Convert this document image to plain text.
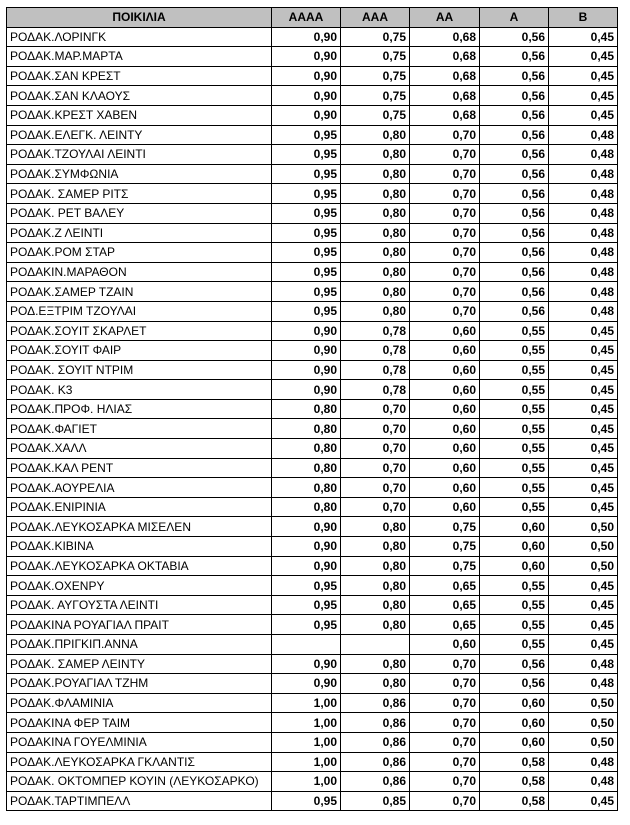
ΠΟΙΚΙΛΙΑ	ΑΑΑΑ	ΑΑΑ	ΑΑ	Α	Β
ΡΟΔΑΚ.ΛΟΡΙΝΓΚ	0,90	0,75	0,68	0,56	0,45
ΡΟΔΑΚ.ΜΑΡ.ΜΑΡΤΑ	0,90	0,75	0,68	0,56	0,45
ΡΟΔΑΚ.ΣΑΝ ΚΡΕΣΤ	0,90	0,75	0,68	0,56	0,45
ΡΟΔΑΚ.ΣΑΝ ΚΛΑΟΥΣ	0,90	0,75	0,68	0,56	0,45
ΡΟΔΑΚ.ΚΡΕΣΤ ΧΑΒΕΝ	0,90	0,75	0,68	0,56	0,45
ΡΟΔΑΚ.ΕΛΕΓΚ. ΛΕΙΝΤΥ	0,95	0,80	0,70	0,56	0,48
ΡΟΔΑΚ.ΤΖΟΥΛΑΙ ΛΕΙΝΤΙ	0,95	0,80	0,70	0,56	0,48
ΡΟΔΑΚ.ΣΥΜΦΩΝΙΑ	0,95	0,80	0,70	0,56	0,48
ΡΟΔΑΚ. ΣΑΜΕΡ ΡΙΤΣ	0,95	0,80	0,70	0,56	0,48
ΡΟΔΑΚ. ΡΕΤ ΒΑΛΕΥ	0,95	0,80	0,70	0,56	0,48
ΡΟΔΑΚ.Ζ ΛΕΙΝΤΙ	0,95	0,80	0,70	0,56	0,48
ΡΟΔΑΚ.ΡΟΜ ΣΤΑΡ	0,95	0,80	0,70	0,56	0,48
ΡΟΔΑΚΙΝ.ΜΑΡΑΘΟΝ	0,95	0,80	0,70	0,56	0,48
ΡΟΔΑΚ.ΣΑΜΕΡ ΤΖΑΙΝ	0,95	0,80	0,70	0,56	0,48
ΡΟΔ.ΕΞΤΡΙΜ ΤΖΟΥΛΑΙ	0,95	0,80	0,70	0,56	0,48
ΡΟΔΑΚ.ΣΟΥΙΤ ΣΚΑΡΛΕΤ	0,90	0,78	0,60	0,55	0,45
ΡΟΔΑΚ.ΣΟΥΙΤ ΦΑΙΡ	0,90	0,78	0,60	0,55	0,45
ΡΟΔΑΚ. ΣΟΥΙΤ ΝΤΡΙΜ	0,90	0,78	0,60	0,55	0,45
ΡΟΔΑΚ. Κ3	0,90	0,78	0,60	0,55	0,45
ΡΟΔΑΚ.ΠΡΟΦ. ΗΛΙΑΣ	0,80	0,70	0,60	0,55	0,45
ΡΟΔΑΚ.ΦΑΓΙΕΤ	0,80	0,70	0,60	0,55	0,45
ΡΟΔΑΚ.ΧΑΛΛ	0,80	0,70	0,60	0,55	0,45
ΡΟΔΑΚ.ΚΑΛ ΡΕΝΤ	0,80	0,70	0,60	0,55	0,45
ΡΟΔΑΚ.ΑΟΥΡΕΛΙΑ	0,80	0,70	0,60	0,55	0,45
ΡΟΔΑΚ.ΕΝΙΡΙΝΙΑ	0,80	0,70	0,60	0,55	0,45
ΡΟΔΑΚ.ΛΕΥΚΟΣΑΡΚΑ ΜΙΣΕΛΕΝ	0,90	0,80	0,75	0,60	0,50
ΡΟΔΑΚ.ΚΙΒΙΝΑ	0,90	0,80	0,75	0,60	0,50
ΡΟΔΑΚ.ΛΕΥΚΟΣΑΡΚΑ ΟΚΤΑΒΙΑ	0,90	0,80	0,75	0,60	0,50
ΡΟΔΑΚ.ΟΧΕΝΡΥ	0,95	0,80	0,65	0,55	0,45
ΡΟΔΑΚ. ΑΥΓΟΥΣΤΑ ΛΕΙΝΤΙ	0,95	0,80	0,65	0,55	0,45
ΡΟΔΑΚΙΝΑ ΡΟΥΑΓΙΑΛ ΠΡΑΙΤ	0,95	0,80	0,65	0,55	0,45
ΡΟΔΑΚ.ΠΡΙΓΚΙΠ.ΑΝΝΑ			0,60	0,55	0,45
ΡΟΔΑΚ. ΣΑΜΕΡ ΛΕΙΝΤΥ	0,90	0,80	0,70	0,56	0,48
ΡΟΔΑΚ.ΡΟΥΑΓΙΑΛ ΤΖΗΜ	0,90	0,80	0,70	0,56	0,48
ΡΟΔΑΚ.ΦΛΑΜΙΝΙΑ	1,00	0,86	0,70	0,60	0,50
ΡΟΔΑΚΙΝΑ ΦΕΡ ΤΑΙΜ	1,00	0,86	0,70	0,60	0,50
ΡΟΔΑΚΙΝΑ ΓΟΥΕΛΜΙΝΙΑ	1,00	0,86	0,70	0,60	0,50
ΡΟΔΑΚ.ΛΕΥΚΟΣΑΡΚΑ ΓΚΛΑΝΤΙΣ	1,00	0,86	0,70	0,58	0,48
ΡΟΔΑΚ. ΟΚΤΟΜΠΕΡ ΚΟΥΙΝ (ΛΕΥΚΟΣΑΡΚΟ)	1,00	0,86	0,70	0,58	0,48
ΡΟΔΑΚ.ΤΑΡΤΙΜΠΕΛΛ	0,95	0,85	0,70	0,58	0,45
